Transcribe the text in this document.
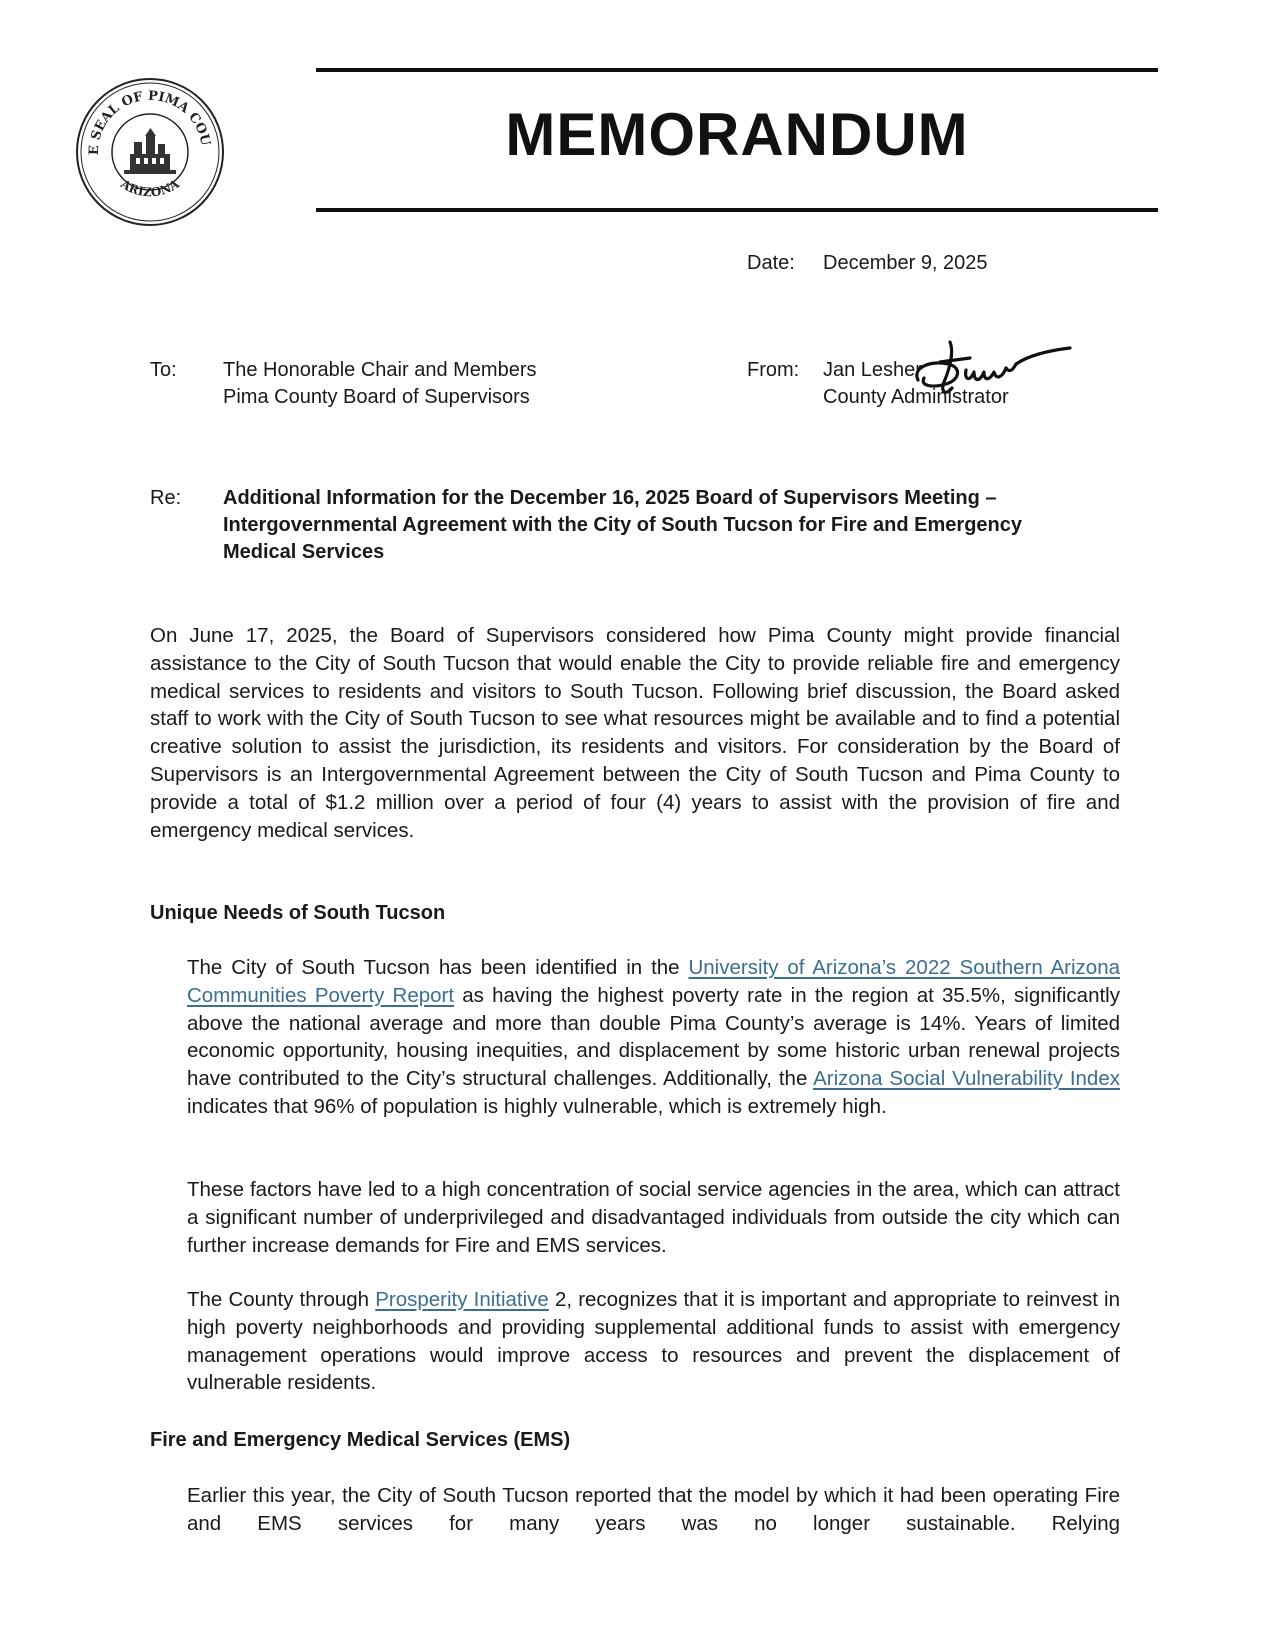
E SEAL OF PIMA COU
ARIZONA
MEMORANDUM
Date: December 9, 2025
To: The Honorable Chair and Members
Pima County Board of Supervisors
From: Jan Lesher
County Administrator
Re: Additional Information for the December 16, 2025 Board of Supervisors Meeting –
Intergovernmental Agreement with the City of South Tucson for Fire and Emergency
Medical Services
On June 17, 2025, the Board of Supervisors considered how Pima County might provide financial assistance to the City of South Tucson that would enable the City to provide reliable fire and emergency medical services to residents and visitors to South Tucson. Following brief discussion, the Board asked staff to work with the City of South Tucson to see what resources might be available and to find a potential creative solution to assist the jurisdiction, its residents and visitors. For consideration by the Board of Supervisors is an Intergovernmental Agreement between the City of South Tucson and Pima County to provide a total of $1.2 million over a period of four (4) years to assist with the provision of fire and emergency medical services.
Unique Needs of South Tucson
The City of South Tucson has been identified in the University of Arizona’s 2022 Southern Arizona Communities Poverty Report as having the highest poverty rate in the region at 35.5%, significantly above the national average and more than double Pima County’s average is 14%. Years of limited economic opportunity, housing inequities, and displacement by some historic urban renewal projects have contributed to the City’s structural challenges. Additionally, the Arizona Social Vulnerability Index indicates that 96% of population is highly vulnerable, which is extremely high.
These factors have led to a high concentration of social service agencies in the area, which can attract a significant number of underprivileged and disadvantaged individuals from outside the city which can further increase demands for Fire and EMS services.
The County through Prosperity Initiative 2, recognizes that it is important and appropriate to reinvest in high poverty neighborhoods and providing supplemental additional funds to assist with emergency management operations would improve access to resources and prevent the displacement of vulnerable residents.
Fire and Emergency Medical Services (EMS)
Earlier this year, the City of South Tucson reported that the model by which it had been operating Fire and EMS services for many years was no longer sustainable. Relying
